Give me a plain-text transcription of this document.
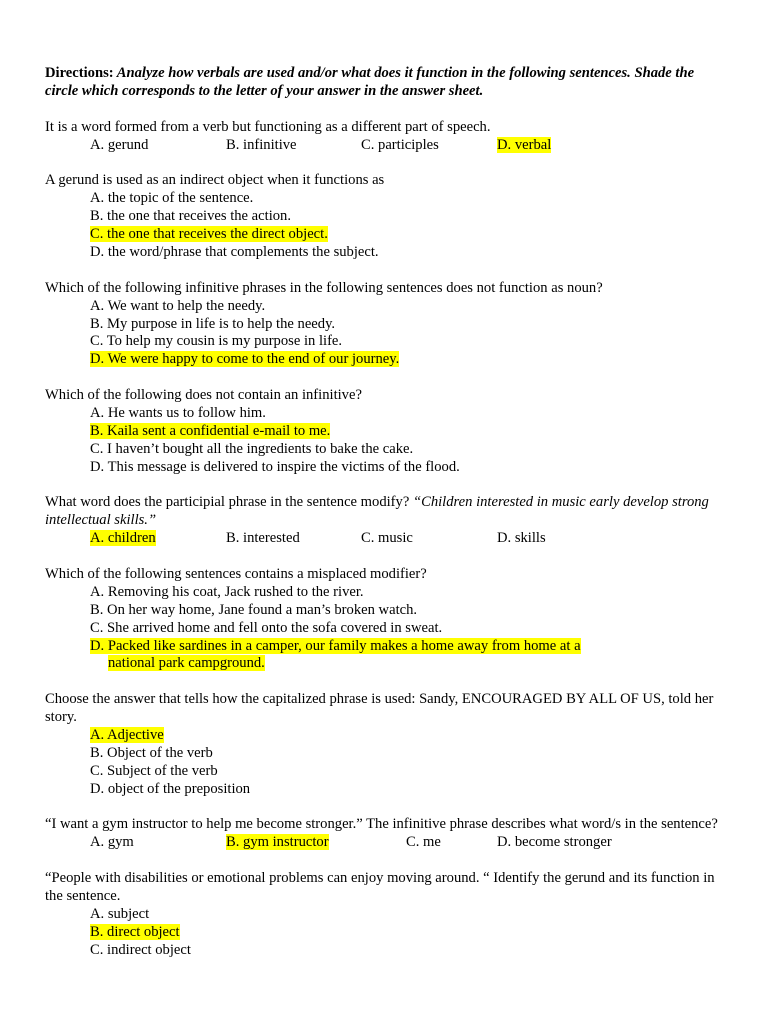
Directions: Analyze how verbals are used and/or what does it function in the following sentences. Shade the circle which corresponds to the letter of your answer in the answer sheet.

It is a word formed from a verb but functioning as a different part of speech.

A. gerund	B. infinitive	C. participles	D. verbal

A gerund is used as an indirect object when it functions as

A. the topic of the sentence.
B. the one that receives the action.
C. the one that receives the direct object.
D. the word/phrase that complements the subject.

Which of the following infinitive phrases in the following sentences does not function as noun?

A. We want to help the needy.
B. My purpose in life is to help the needy.
C. To help my cousin is my purpose in life.
D. We were happy to come to the end of our journey.

Which of the following does not contain an infinitive?

A. He wants us to follow him.
B. Kaila sent a confidential e-mail to me.
C. I haven’t bought all the ingredients to bake the cake.
D. This message is delivered to inspire the victims of the flood.

What word does the participial phrase in the sentence modify? “Children interested in music early develop strong intellectual skills.”

A. children	B. interested	C. music	D. skills

Which of the following sentences contains a misplaced modifier?

A. Removing his coat, Jack rushed to the river.
B. On her way home, Jane found a man’s broken watch.
C. She arrived home and fell onto the sofa covered in sweat.
D. Packed like sardines in a camper, our family makes a home away from home at a national park campground.

Choose the answer that tells how the capitalized phrase is used: Sandy, ENCOURAGED BY ALL OF US, told her story.

A. Adjective
B. Object of the verb
C. Subject of the verb
D. object of the preposition

“I want a gym instructor to help me become stronger.” The infinitive phrase describes what word/s in the sentence?

A. gym	B. gym instructor	C. me	D. become stronger

“People with disabilities or emotional problems can enjoy moving around. “ Identify the gerund and its function in the sentence.

A. subject
B. direct object
C. indirect object
